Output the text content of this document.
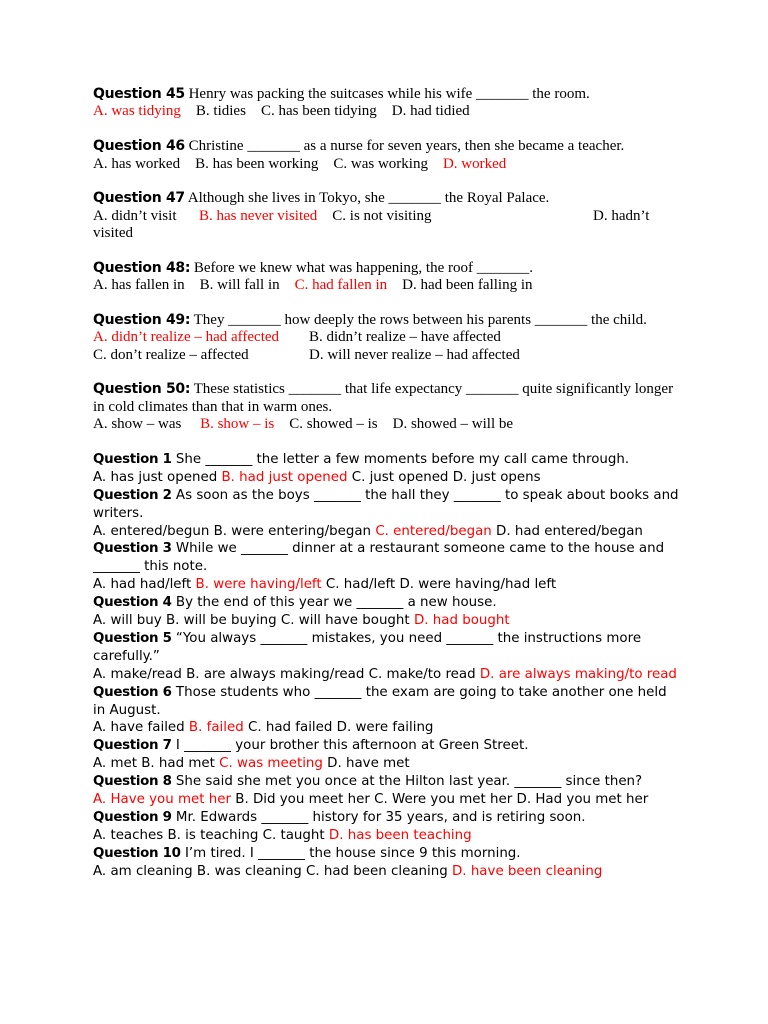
Question 45 Henry was packing the suitcases while his wife _______ the room.
A. was tidying B. tidies C. has been tidying D. had tidied
Question 46 Christine _______ as a nurse for seven years, then she became a teacher.
A. has worked B. has been working C. was working D. worked
Question 47 Although she lives in Tokyo, she _______ the Royal Palace.
A. didn’t visit B. has never visited C. is not visiting	D. hadn’t
visited
Question 48: Before we knew what was happening, the roof _______.
A. has fallen in B. will fall in C. had fallen in D. had been falling in
Question 49: They _______ how deeply the rows between his parents _______ the child.
A. didn’t realize – had affected B. didn’t realize – have affected
C. don’t realize – affected	D. will never realize – had affected
Question 50: These statistics _______ that life expectancy _______ quite significantly longer in cold climates than that in warm ones.
A. show – was B. show – is C. showed – is D. showed – will be
Question 1 She _______ the letter a few moments before my call came through.
A. has just opened B. had just opened C. just opened D. just opens
Question 2 As soon as the boys _______ the hall they _______ to speak about books and writers.
A. entered/begun B. were entering/began C. entered/began D. had entered/began
Question 3 While we _______ dinner at a restaurant someone came to the house and _______ this note.
A. had had/left B. were having/left C. had/left D. were having/had left
Question 4 By the end of this year we _______ a new house.
A. will buy B. will be buying C. will have bought D. had bought
Question 5 “You always _______ mistakes, you need _______ the instructions more carefully.”
A. make/read B. are always making/read C. make/to read D. are always making/to read
Question 6 Those students who _______ the exam are going to take another one held in August.
A. have failed B. failed C. had failed D. were failing
Question 7 I _______ your brother this afternoon at Green Street.
A. met B. had met C. was meeting D. have met
Question 8 She said she met you once at the Hilton last year. _______ since then?
A. Have you met her B. Did you meet her C. Were you met her D. Had you met her
Question 9 Mr. Edwards _______ history for 35 years, and is retiring soon.
A. teaches B. is teaching C. taught D. has been teaching
Question 10 I’m tired. I _______ the house since 9 this morning.
A. am cleaning B. was cleaning C. had been cleaning D. have been cleaning
